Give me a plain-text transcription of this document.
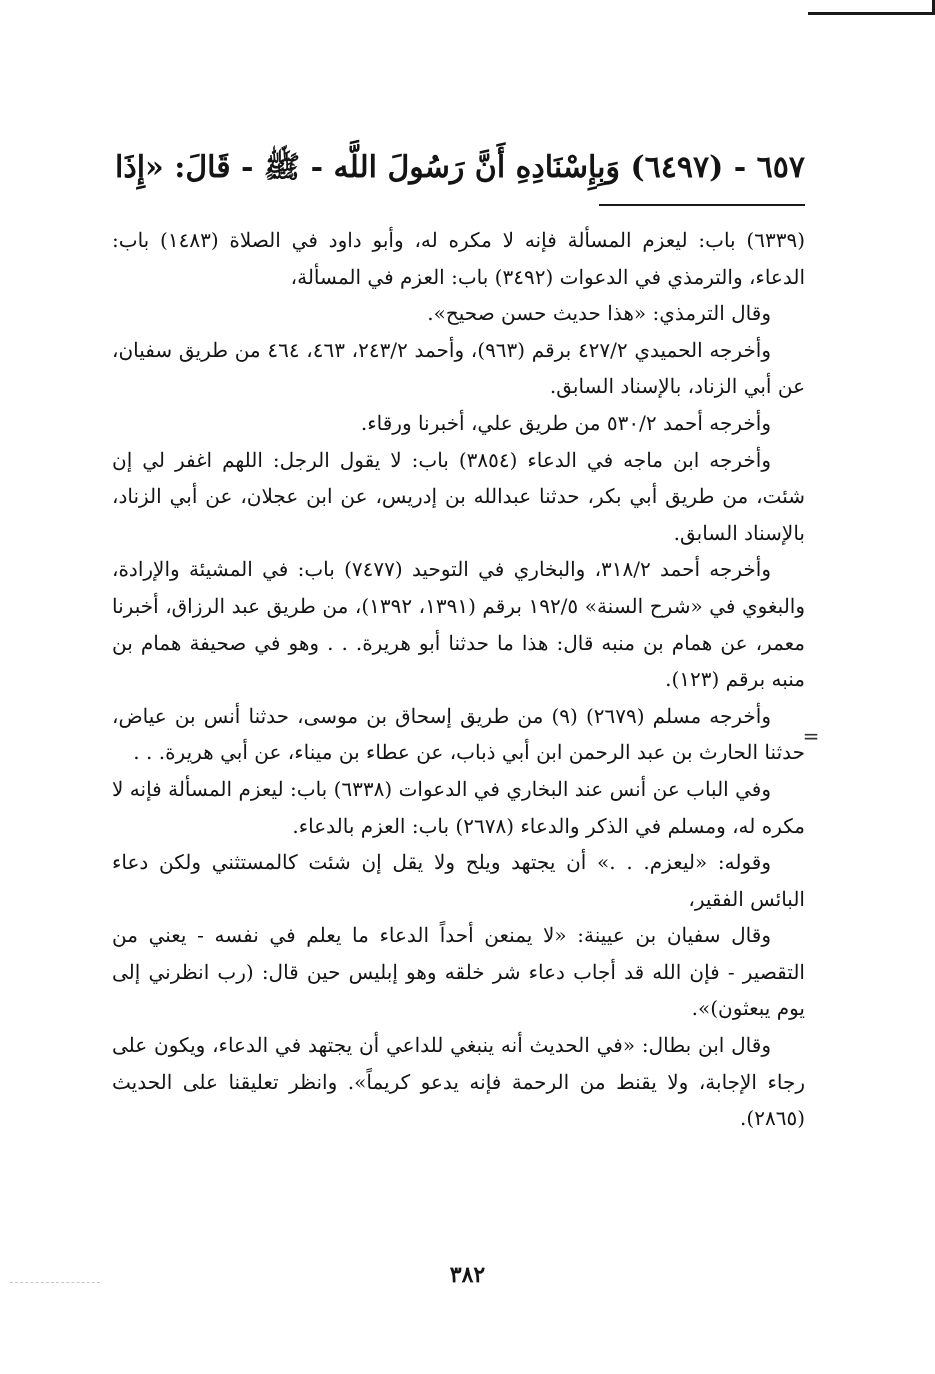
٦٥٧ - (٦٤٩٧) وَبِإِسْنَادِهِ أَنَّ رَسُولَ اللَّه - ﷺ - قَالَ: «إِذَا

(٦٣٣٩) باب: ليعزم المسألة فإنه لا مكره له، وأبو داود في الصلاة (١٤٨٣) باب: الدعاء، والترمذي في الدعوات (٣٤٩٢) باب: العزم في المسألة،

وقال الترمذي: «هذا حديث حسن صحيح».

وأخرجه الحميدي ٤٢٧/٢ برقم (٩٦٣)، وأحمد ٢٤٣/٢، ٤٦٣، ٤٦٤ من طريق سفيان، عن أبي الزناد، بالإسناد السابق.

وأخرجه أحمد ٥٣٠/٢ من طريق علي، أخبرنا ورقاء.

وأخرجه ابن ماجه في الدعاء (٣٨٥٤) باب: لا يقول الرجل: اللهم اغفر لي إن شئت، من طريق أبي بكر، حدثنا عبدالله بن إدريس، عن ابن عجلان، عن أبي الزناد، بالإسناد السابق.

وأخرجه أحمد ٣١٨/٢، والبخاري في التوحيد (٧٤٧٧) باب: في المشيئة والإرادة، والبغوي في «شرح السنة» ١٩٢/٥ برقم (١٣٩١، ١٣٩٢)، من طريق عبد الرزاق، أخبرنا معمر، عن همام بن منبه قال: هذا ما حدثنا أبو هريرة. . . وهو في صحيفة همام بن منبه برقم (١٢٣).

وأخرجه مسلم (٢٦٧٩) (٩) من طريق إسحاق بن موسى، حدثنا أنس بن عياض، حدثنا الحارث بن عبد الرحمن ابن أبي ذباب، عن عطاء بن ميناء، عن أبي هريرة. . .

وفي الباب عن أنس عند البخاري في الدعوات (٦٣٣٨) باب: ليعزم المسألة فإنه لا مكره له، ومسلم في الذكر والدعاء (٢٦٧٨) باب: العزم بالدعاء.

وقوله: «ليعزم. . .» أن يجتهد ويلح ولا يقل إن شئت كالمستثني ولكن دعاء البائس الفقير،

وقال سفيان بن عيينة: «لا يمنعن أحداً الدعاء ما يعلم في نفسه - يعني من التقصير - فإن الله قد أجاب دعاء شر خلقه وهو إبليس حين قال: (رب انظرني إلى يوم يبعثون)».

وقال ابن بطال: «في الحديث أنه ينبغي للداعي أن يجتهد في الدعاء، ويكون على رجاء الإجابة، ولا يقنط من الرحمة فإنه يدعو كريماً». وانظر تعليقنا على الحديث (٢٨٦٥).

=
٣٨٢
